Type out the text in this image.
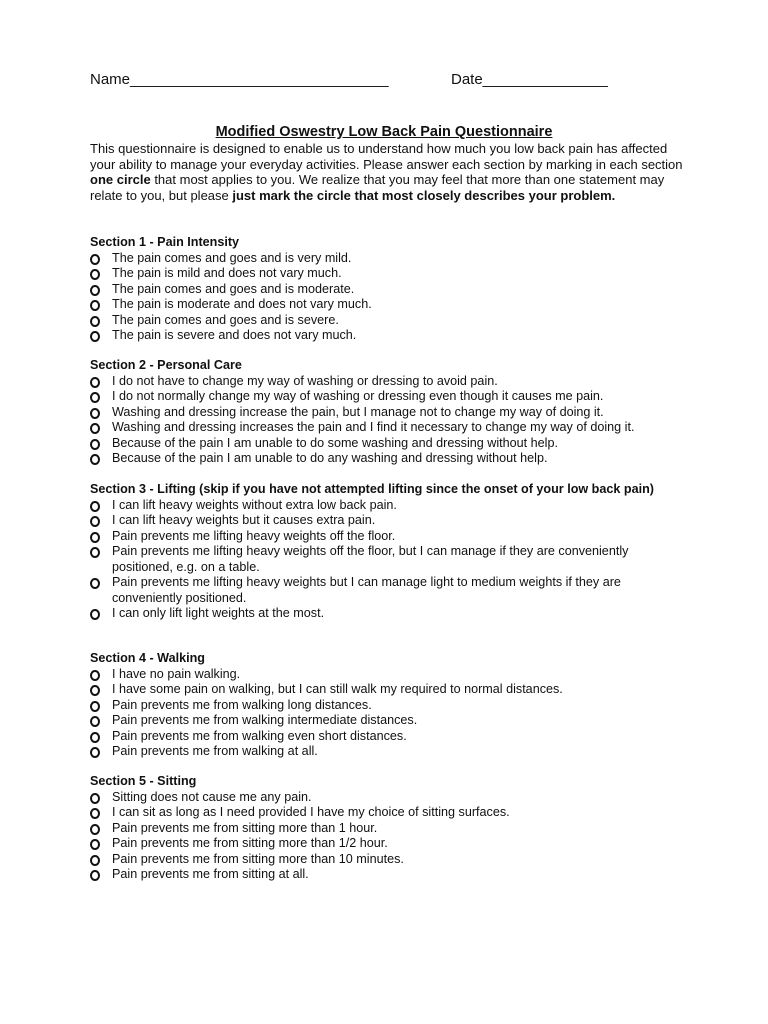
Name_______________________________	Date_______________
Modified Oswestry Low Back Pain Questionnaire

This questionnaire is designed to enable us to understand how much you low back pain has affected your ability to manage your everyday activities. Please answer each section by marking in each section one circle that most applies to you. We realize that you may feel that more than one statement may relate to you, but please just mark the circle that most closely describes your problem.

Section 1 - Pain Intensity
The pain comes and goes and is very mild.
The pain is mild and does not vary much.
The pain comes and goes and is moderate.
The pain is moderate and does not vary much.
The pain comes and goes and is severe.
The pain is severe and does not vary much.
Section 2 - Personal Care
I do not have to change my way of washing or dressing to avoid pain.
I do not normally change my way of washing or dressing even though it causes me pain.
Washing and dressing increase the pain, but I manage not to change my way of doing it.
Washing and dressing increases the pain and I find it necessary to change my way of doing it.
Because of the pain I am unable to do some washing and dressing without help.
Because of the pain I am unable to do any washing and dressing without help.
Section 3 - Lifting (skip if you have not attempted lifting since the onset of your low back pain)
I can lift heavy weights without extra low back pain.
I can lift heavy weights but it causes extra pain.
Pain prevents me lifting heavy weights off the floor.
Pain prevents me lifting heavy weights off the floor, but I can manage if they are conveniently positioned, e.g. on a table.
Pain prevents me lifting heavy weights but I can manage light to medium weights if they are conveniently positioned.
I can only lift light weights at the most.
Section 4 - Walking
I have no pain walking.
I have some pain on walking, but I can still walk my required to normal distances.
Pain prevents me from walking long distances.
Pain prevents me from walking intermediate distances.
Pain prevents me from walking even short distances.
Pain prevents me from walking at all.
Section 5 - Sitting
Sitting does not cause me any pain.
I can sit as long as I need provided I have my choice of sitting surfaces.
Pain prevents me from sitting more than 1 hour.
Pain prevents me from sitting more than 1/2 hour.
Pain prevents me from sitting more than 10 minutes.
Pain prevents me from sitting at all.
